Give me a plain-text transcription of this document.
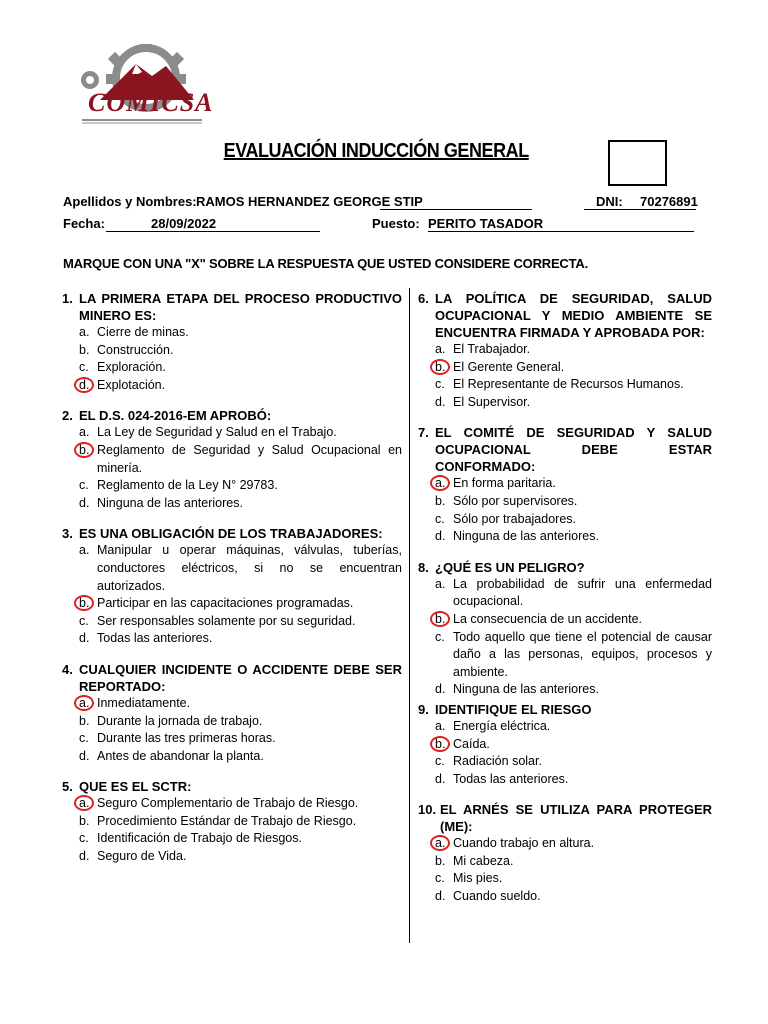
COMICSA
EVALUACIÓN INDUCCIÓN GENERAL
Apellidos y Nombres: RAMOS HERNANDEZ GEORGE STIP	DNI: 70276891
Fecha:	28/09/2022	Puesto: PERITO TASADOR
MARQUE CON UNA "X" SOBRE LA RESPUESTA QUE USTED CONSIDERE CORRECTA.
1. LA PRIMERA ETAPA DEL PROCESO PRODUCTIVO MINERO ES:
a. Cierre de minas.
b. Construcción.
c. Exploración.
d. Explotación.
2. EL D.S. 024-2016-EM APROBÓ:
a. La Ley de Seguridad y Salud en el Trabajo.
b. Reglamento de Seguridad y Salud Ocupacional en minería.
c. Reglamento de la Ley N° 29783.
d. Ninguna de las anteriores.
3. ES UNA OBLIGACIÓN DE LOS TRABAJADORES:
a. Manipular u operar máquinas, válvulas, tuberías, conductores eléctricos, si no se encuentran autorizados.
b. Participar en las capacitaciones programadas.
c. Ser responsables solamente por su seguridad.
d. Todas las anteriores.
4. CUALQUIER INCIDENTE O ACCIDENTE DEBE SER REPORTADO:
a. Inmediatamente.
b. Durante la jornada de trabajo.
c. Durante las tres primeras horas.
d. Antes de abandonar la planta.
5. QUE ES EL SCTR:
a. Seguro Complementario de Trabajo de Riesgo.
b. Procedimiento Estándar de Trabajo de Riesgo.
c. Identificación de Trabajo de Riesgos.
d. Seguro de Vida.
6. LA POLÍTICA DE SEGURIDAD, SALUD OCUPACIONAL Y MEDIO AMBIENTE SE ENCUENTRA FIRMADA Y APROBADA POR:
a. El Trabajador.
b. El Gerente General.
c. El Representante de Recursos Humanos.
d. El Supervisor.
7. EL COMITÉ DE SEGURIDAD Y SALUD OCUPACIONAL DEBE ESTAR CONFORMADO:
a. En forma paritaria.
b. Sólo por supervisores.
c. Sólo por trabajadores.
d. Ninguna de las anteriores.
8. ¿QUÉ ES UN PELIGRO?
a. La probabilidad de sufrir una enfermedad ocupacional.
b. La consecuencia de un accidente.
c. Todo aquello que tiene el potencial de causar daño a las personas, equipos, procesos y ambiente.
d. Ninguna de las anteriores.
9. IDENTIFIQUE EL RIESGO
a. Energía eléctrica.
b. Caída.
c. Radiación solar.
d. Todas las anteriores.
10. EL ARNÉS SE UTILIZA PARA PROTEGER (ME):
a. Cuando trabajo en altura.
b. Mi cabeza.
c. Mis pies.
d. Cuando sueldo.
